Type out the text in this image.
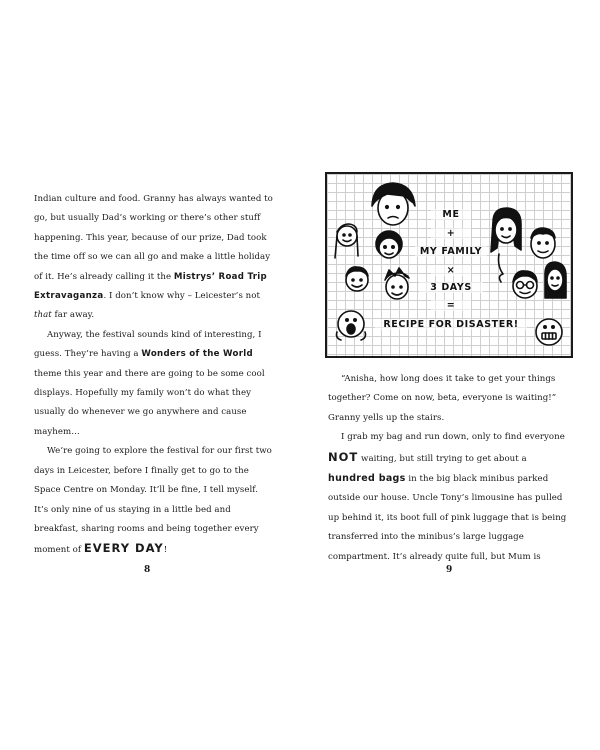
Indian culture and food. Granny has always wanted to go, but usually Dad’s working or there’s other stuff happening. This year, because of our prize, Dad took the time off so we can all go and make a little holiday of it. He’s already calling it the Mistrys’ Road Trip Extravaganza. I don’t know why – Leicester’s not that far away.

Anyway, the festival sounds kind of interesting, I guess. They’re having a Wonders of the World theme this year and there are going to be some cool displays. Hopefully my family won’t do what they usually do whenever we go anywhere and cause mayhem…

We’re going to explore the festival for our first two days in Leicester, before I finally get to go to the Space Centre on Monday. It’ll be fine, I tell myself. It’s only nine of us staying in a little bed and breakfast, sharing rooms and being together every moment of EVERY DAY!

8
ME
+
MY FAMILY
×
3 DAYS
=
RECIPE FOR DISASTER!

“Anisha, how long does it take to get your things together? Come on now, beta, everyone is waiting!” Granny yells up the stairs.

I grab my bag and run down, only to find everyone NOT waiting, but still trying to get about a hundred bags in the big black minibus parked outside our house. Uncle Tony’s limousine has pulled up behind it, its boot full of pink luggage that is being transferred into the minibus’s large luggage compartment. It’s already quite full, but Mum is

9
